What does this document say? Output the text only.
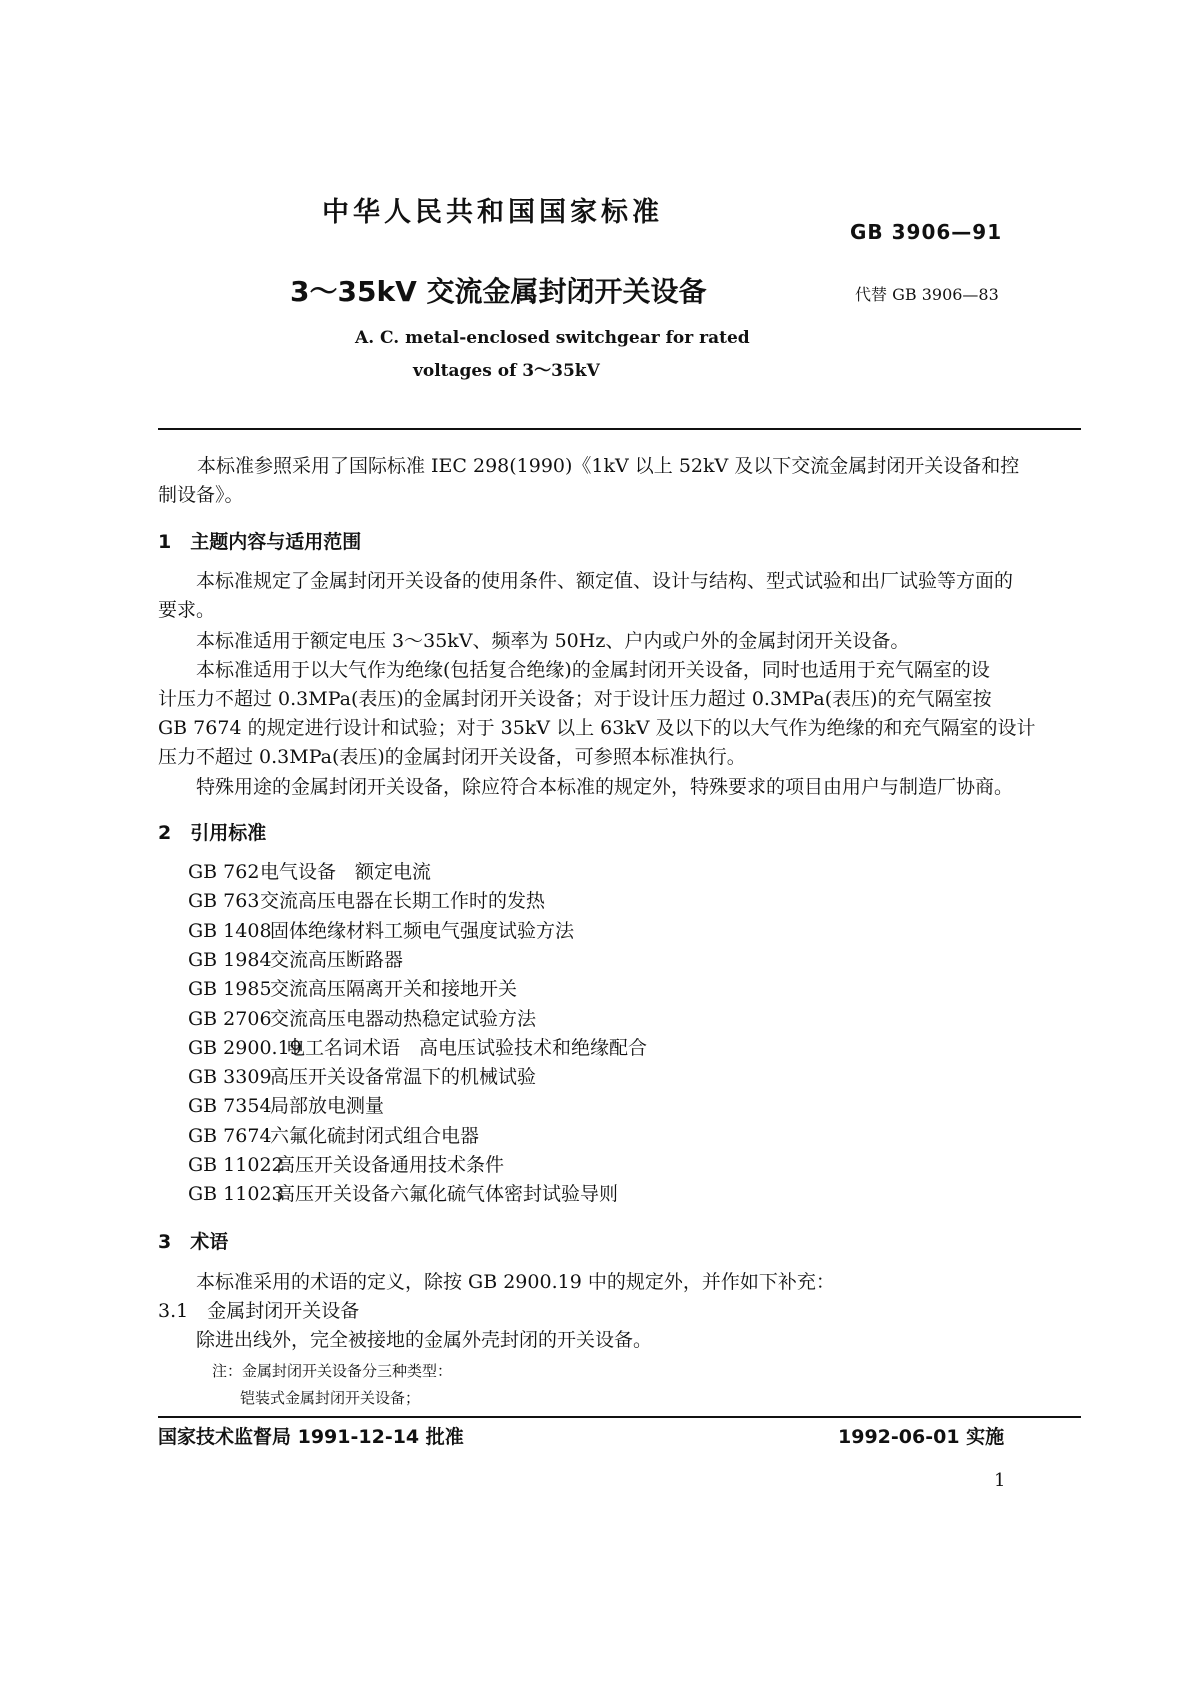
中华人民共和国国家标准
GB 3906—91
3～35kV 交流金属封闭开关设备	代替 GB 3906—83
A. C. metal-enclosed switchgear for rated
voltages of 3～35kV
本标准参照采用了国际标准 IEC 298(1990)《1kV 以上 52kV 及以下交流金属封闭开关设备和控
制设备》。
1　主题内容与适用范围
本标准规定了金属封闭开关设备的使用条件、额定值、设计与结构、型式试验和出厂试验等方面的
要求。
本标准适用于额定电压 3～35kV、频率为 50Hz、户内或户外的金属封闭开关设备。
本标准适用于以大气作为绝缘(包括复合绝缘)的金属封闭开关设备，同时也适用于充气隔室的设
计压力不超过 0.3MPa(表压)的金属封闭开关设备；对于设计压力超过 0.3MPa(表压)的充气隔室按
GB 7674 的规定进行设计和试验；对于 35kV 以上 63kV 及以下的以大气作为绝缘的和充气隔室的设计
压力不超过 0.3MPa(表压)的金属封闭开关设备，可参照本标准执行。
特殊用途的金属封闭开关设备，除应符合本标准的规定外，特殊要求的项目由用户与制造厂协商。
2　引用标准
GB 762电气设备　额定电流
GB 763交流高压电器在长期工作时的发热
GB 1408固体绝缘材料工频电气强度试验方法
GB 1984交流高压断路器
GB 1985交流高压隔离开关和接地开关
GB 2706交流高压电器动热稳定试验方法
GB 2900.19电工名词术语　高电压试验技术和绝缘配合
GB 3309高压开关设备常温下的机械试验
GB 7354局部放电测量
GB 7674六氟化硫封闭式组合电器
GB 11022高压开关设备通用技术条件
GB 11023高压开关设备六氟化硫气体密封试验导则
3　术语
本标准采用的术语的定义，除按 GB 2900.19 中的规定外，并作如下补充：
3.1　金属封闭开关设备
除进出线外，完全被接地的金属外壳封闭的开关设备。
注：金属封闭开关设备分三种类型：
铠装式金属封闭开关设备；
国家技术监督局 1991-12-14 批准	1992-06-01 实施
1
